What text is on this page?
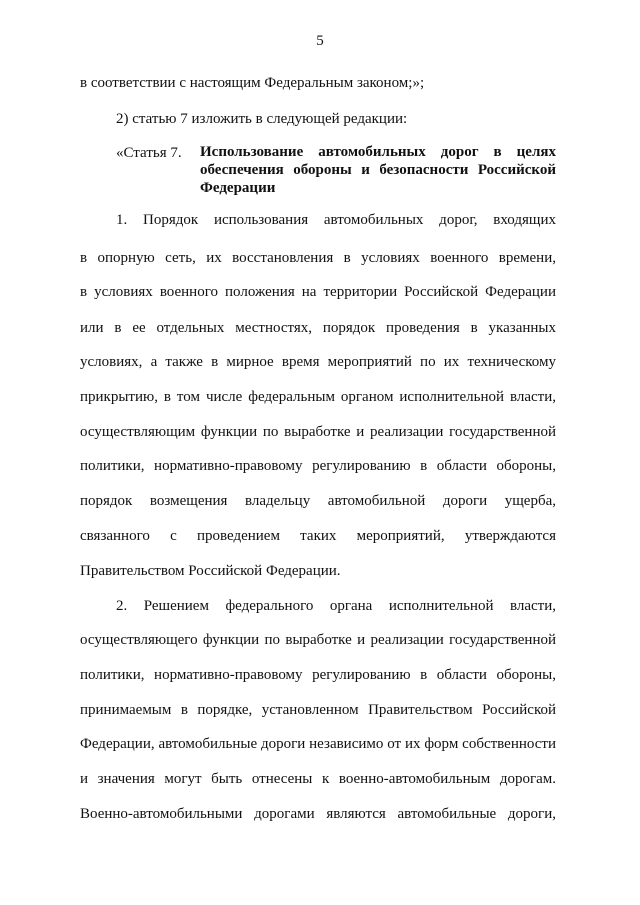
5
в соответствии с настоящим Федеральным законом;»;
2) статью 7 изложить в следующей редакции:
«Статья 7. Использование автомобильных дорог в целях
обеспечения обороны и безопасности Российской
Федерации
1. Порядок использования автомобильных дорог, входящих
в опорную сеть, их восстановления в условиях военного времени,
в условиях военного положения на территории Российской Федерации
или в ее отдельных местностях, порядок проведения в указанных
условиях, а также в мирное время мероприятий по их техническому
прикрытию, в том числе федеральным органом исполнительной власти,
осуществляющим функции по выработке и реализации государственной
политики, нормативно-правовому регулированию в области обороны,
порядок возмещения владельцу автомобильной дороги ущерба,
связанного с проведением таких мероприятий, утверждаются
Правительством Российской Федерации.
2. Решением федерального органа исполнительной власти,
осуществляющего функции по выработке и реализации государственной
политики, нормативно-правовому регулированию в области обороны,
принимаемым в порядке, установленном Правительством Российской
Федерации, автомобильные дороги независимо от их форм собственности
и значения могут быть отнесены к военно-автомобильным дорогам.
Военно-автомобильными дорогами являются автомобильные дороги,
